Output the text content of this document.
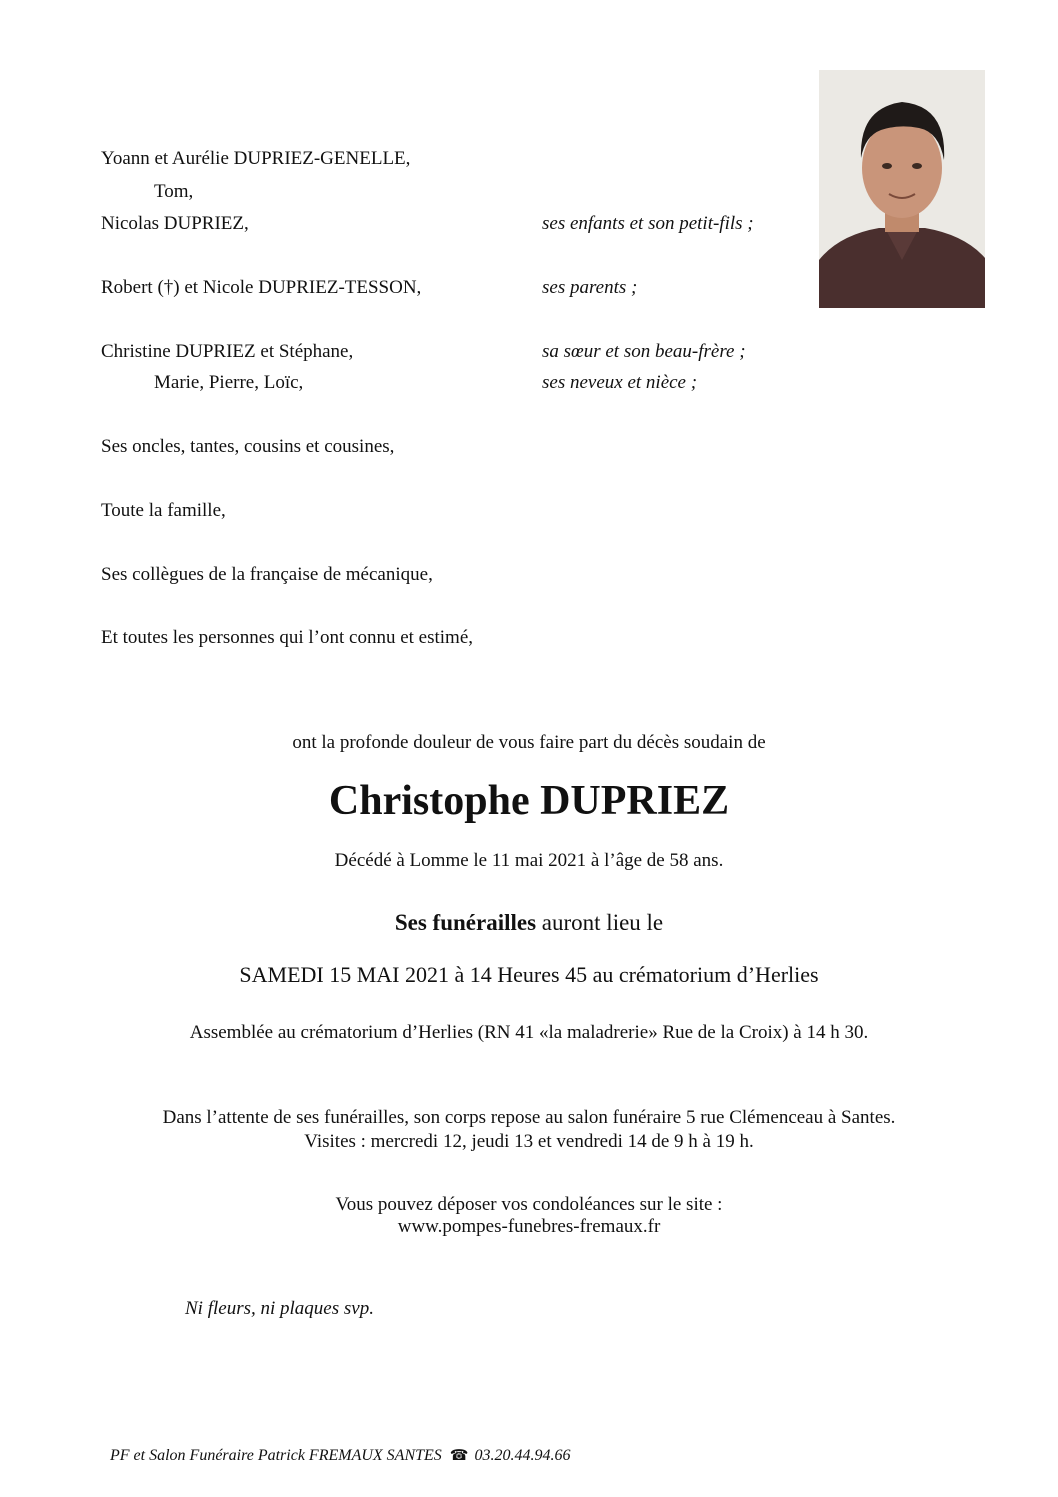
Yoann et Aurélie DUPRIEZ-GENELLE,
Tom,
Nicolas DUPRIEZ,	ses enfants et son petit-fils ;
Robert (†) et Nicole DUPRIEZ-TESSON,	ses parents ;
Christine DUPRIEZ et Stéphane,	sa sœur et son beau-frère ;
Marie, Pierre, Loïc,	ses neveux et nièce ;
Ses oncles, tantes, cousins et cousines,
Toute la famille,
Ses collègues de la française de mécanique,
Et toutes les personnes qui l’ont connu et estimé,
ont la profonde douleur de vous faire part du décès soudain de
Christophe DUPRIEZ
Décédé à Lomme le 11 mai 2021 à l’âge de 58 ans.
Ses funérailles auront lieu le
SAMEDI 15 MAI 2021 à 14 Heures 45 au crématorium d’Herlies
Assemblée au crématorium d’Herlies (RN 41 «la maladrerie» Rue de la Croix) à 14 h 30.
Dans l’attente de ses funérailles, son corps repose au salon funéraire 5 rue Clémenceau à Santes.
Visites : mercredi 12, jeudi 13 et vendredi 14 de 9 h à 19 h.
Vous pouvez déposer vos condoléances sur le site :
www.pompes-funebres-fremaux.fr
Ni fleurs, ni plaques svp.
PF et Salon Funéraire Patrick FREMAUX SANTES ☎ 03.20.44.94.66
